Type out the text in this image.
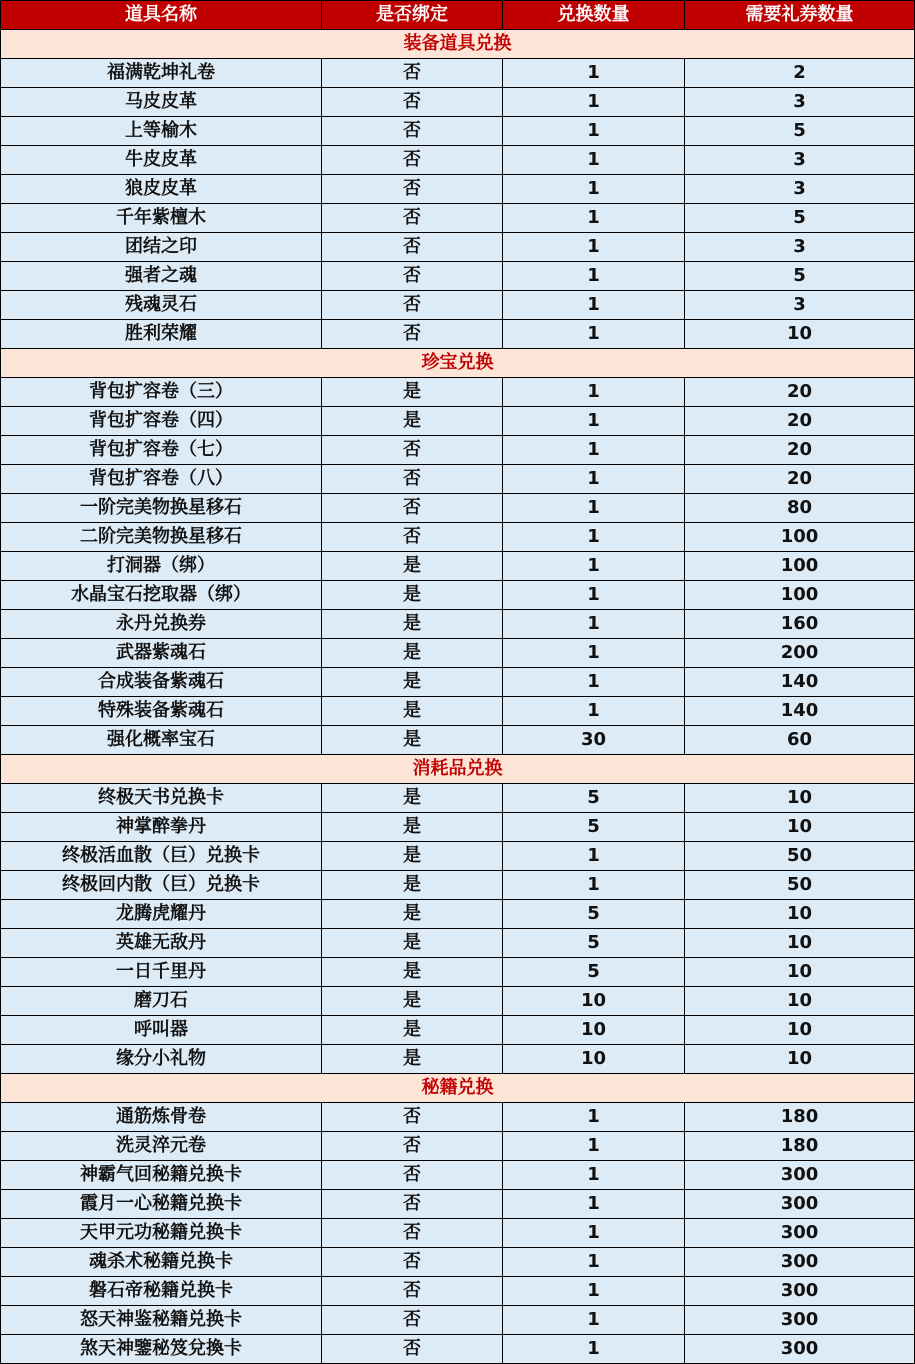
道具名称	是否绑定	兑换数量	需要礼券数量
装备道具兑换			
福满乾坤礼卷	否	1	2
马皮皮革	否	1	3
上等榆木	否	1	5
牛皮皮革	否	1	3
狼皮皮革	否	1	3
千年紫檀木	否	1	5
团结之印	否	1	3
强者之魂	否	1	5
残魂灵石	否	1	3
胜利荣耀	否	1	10
珍宝兑换			
背包扩容卷（三）	是	1	20
背包扩容卷（四）	是	1	20
背包扩容卷（七）	否	1	20
背包扩容卷（八）	否	1	20
一阶完美物换星移石	否	1	80
二阶完美物换星移石	否	1	100
打洞器（绑）	是	1	100
水晶宝石挖取器（绑）	是	1	100
永丹兑换券	是	1	160
武器紫魂石	是	1	200
合成装备紫魂石	是	1	140
特殊装备紫魂石	是	1	140
强化概率宝石	是	30	60
消耗品兑换			
终极天书兑换卡	是	5	10
神掌醉拳丹	是	5	10
终极活血散（巨）兑换卡	是	1	50
终极回内散（巨）兑换卡	是	1	50
龙腾虎耀丹	是	5	10
英雄无敌丹	是	5	10
一日千里丹	是	5	10
磨刀石	是	10	10
呼叫器	是	10	10
缘分小礼物	是	10	10
秘籍兑换			
通筋炼骨卷	否	1	180
洗灵淬元卷	否	1	180
神霸气回秘籍兑换卡	否	1	300
霞月一心秘籍兑换卡	否	1	300
天甲元功秘籍兑换卡	否	1	300
魂杀术秘籍兑换卡	否	1	300
磐石帝秘籍兑换卡	否	1	300
怒天神鉴秘籍兑换卡	否	1	300
煞天神鑒秘笈兌換卡	否	1	300
